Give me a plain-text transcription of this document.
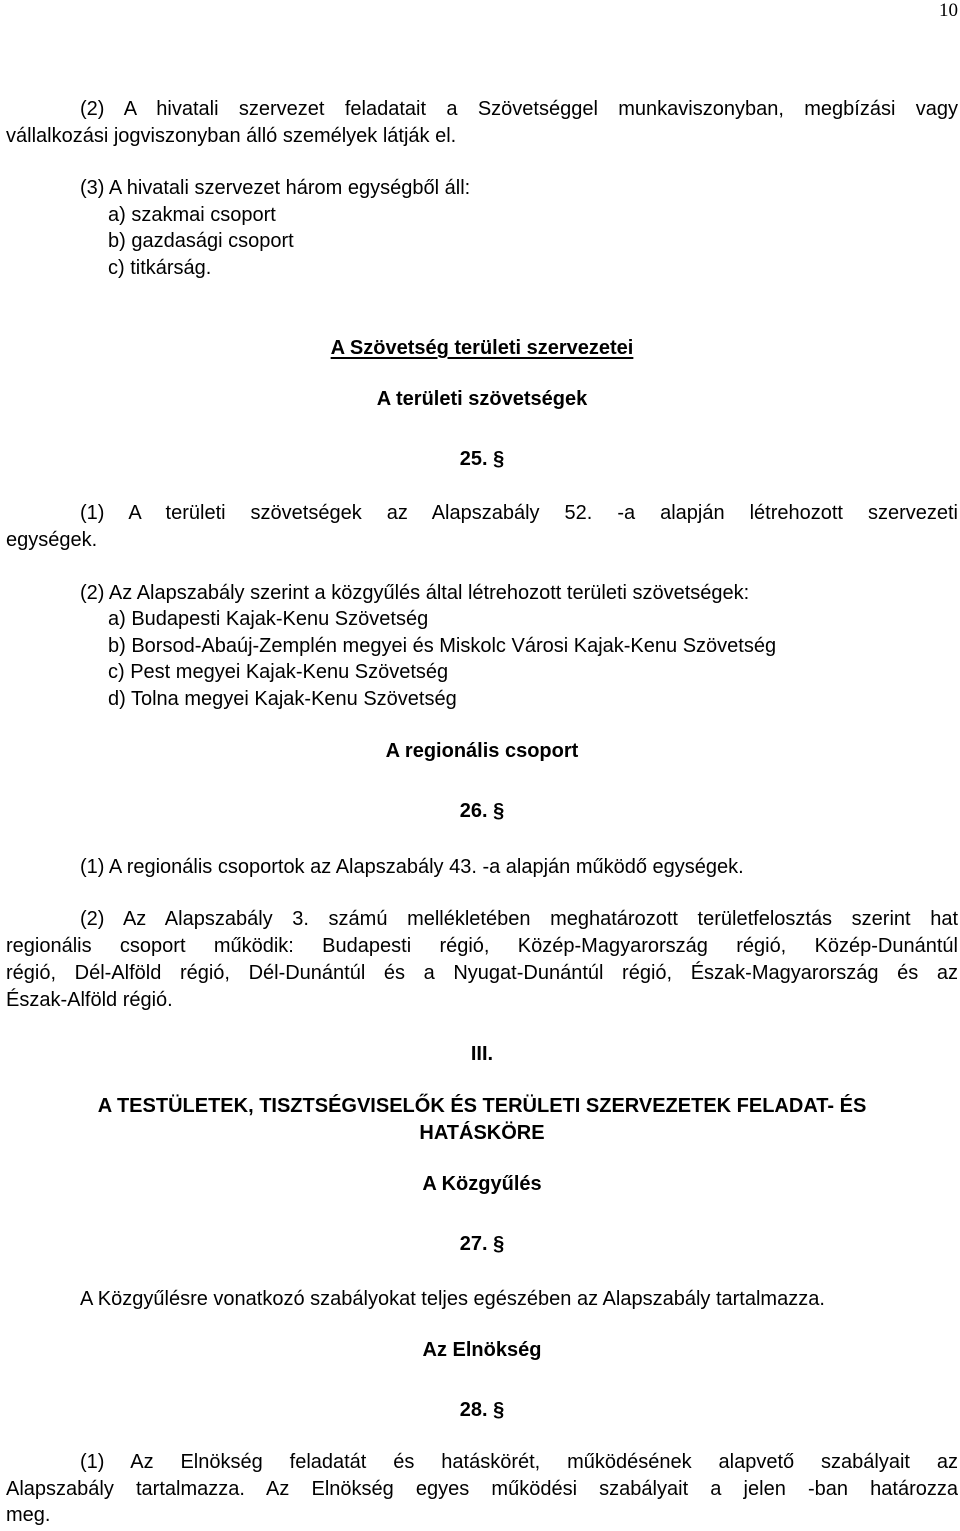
10
(2) A hivatali szervezet feladatait a Szövetséggel munkaviszonyban, megbízási vagy
vállalkozási jogviszonyban álló személyek látják el.
(3) A hivatali szervezet három egységből áll:
a) szakmai csoport
b) gazdasági csoport
c) titkárság.
A Szövetség területi szervezetei
A területi szövetségek
25. §
(1) A területi szövetségek az Alapszabály 52. -a alapján létrehozott szervezeti
egységek.
(2) Az Alapszabály szerint a közgyűlés által létrehozott területi szövetségek:
a) Budapesti Kajak-Kenu Szövetség
b) Borsod-Abaúj-Zemplén megyei és Miskolc Városi Kajak-Kenu Szövetség
c) Pest megyei Kajak-Kenu Szövetség
d) Tolna megyei Kajak-Kenu Szövetség
A regionális csoport
26. §
(1) A regionális csoportok az Alapszabály 43. -a alapján működő egységek.
(2) Az Alapszabály 3. számú mellékletében meghatározott területfelosztás szerint hat
regionális csoport működik: Budapesti régió, Közép-Magyarország régió, Közép-Dunántúl
régió, Dél-Alföld régió, Dél-Dunántúl és a Nyugat-Dunántúl régió, Észak-Magyarország és az
Észak-Alföld régió.
III.
A TESTÜLETEK, TISZTSÉGVISELŐK ÉS TERÜLETI SZERVEZETEK FELADAT- ÉS
HATÁSKÖRE
A Közgyűlés
27. §
A Közgyűlésre vonatkozó szabályokat teljes egészében az Alapszabály tartalmazza.
Az Elnökség
28. §
(1) Az Elnökség feladatát és hatáskörét, működésének alapvető szabályait az
Alapszabály tartalmazza. Az Elnökség egyes működési szabályait a jelen -ban határozza
meg.
